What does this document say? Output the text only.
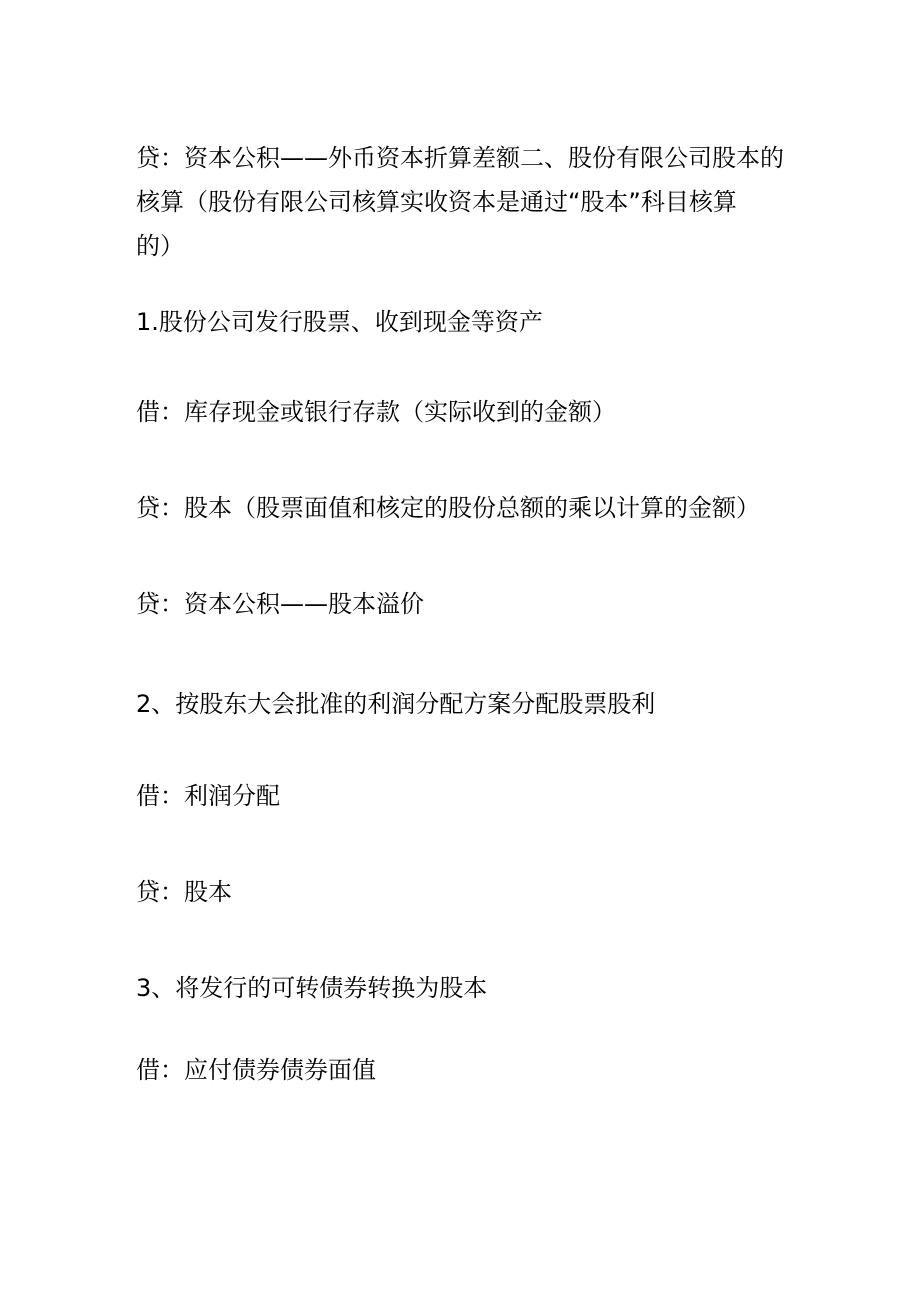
贷：资本公积——外币资本折算差额二、股份有限公司股本的
核算（股份有限公司核算实收资本是通过“股本”科目核算
的）

1.股份公司发行股票、收到现金等资产

借：库存现金或银行存款（实际收到的金额）

贷：股本（股票面值和核定的股份总额的乘以计算的金额）

贷：资本公积——股本溢价

2、按股东大会批准的利润分配方案分配股票股利

借：利润分配

贷：股本

3、将发行的可转债券转换为股本

借：应付债券债券面值
